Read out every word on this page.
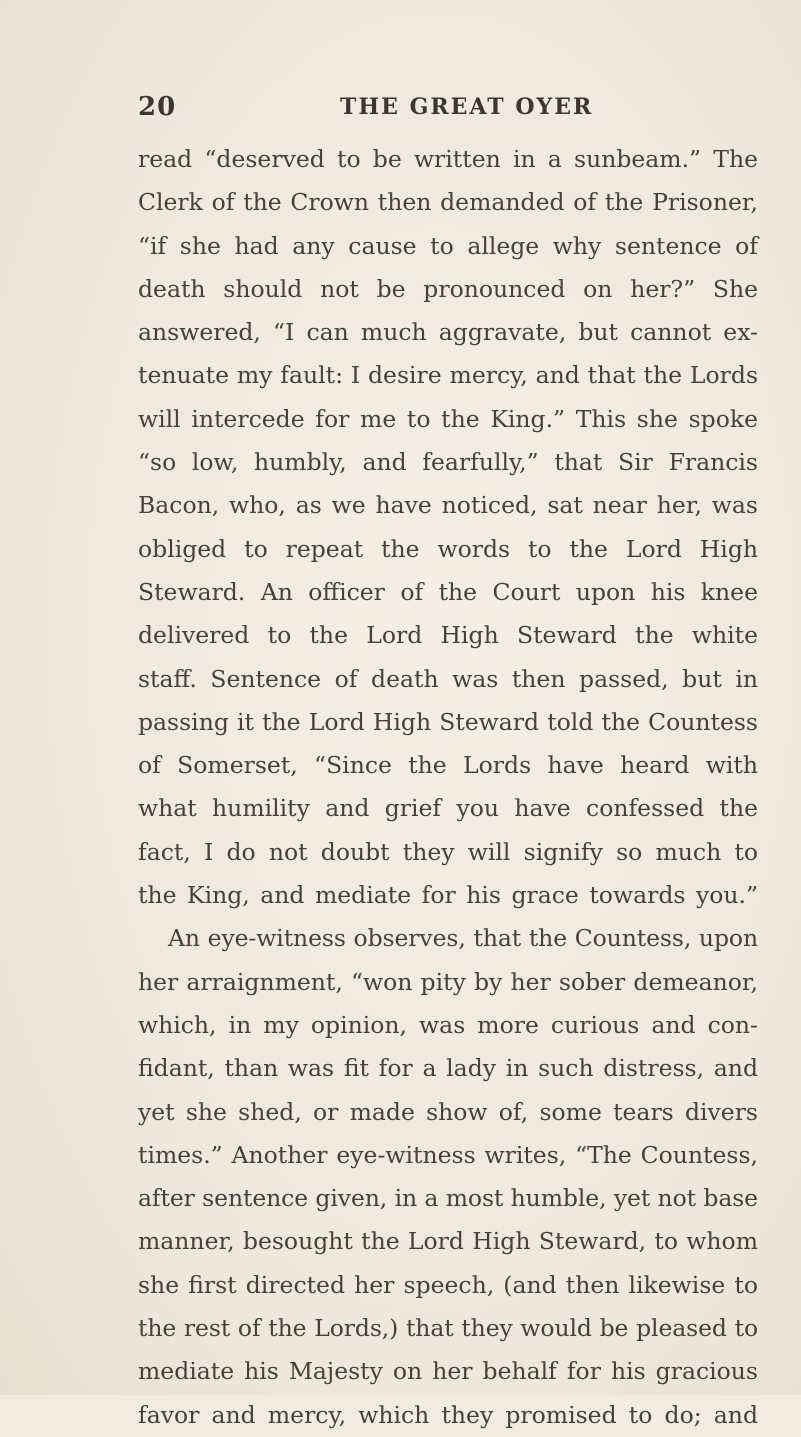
20	THE GREAT OYER
read “deserved to be written in a sunbeam.” The
Clerk of the Crown then demanded of the Prisoner,
“if she had any cause to allege why sentence of
death should not be pronounced on her?” She
answered, “I can much aggravate, but cannot ex-
tenuate my fault: I desire mercy, and that the Lords
will intercede for me to the King.” This she spoke
“so low, humbly, and fearfully,” that Sir Francis
Bacon, who, as we have noticed, sat near her, was
obliged to repeat the words to the Lord High
Steward. An officer of the Court upon his knee
delivered to the Lord High Steward the white
staff. Sentence of death was then passed, but in
passing it the Lord High Steward told the Countess
of Somerset, “Since the Lords have heard with
what humility and grief you have confessed the
fact, I do not doubt they will signify so much to
the King, and mediate for his grace towards you.”
An eye-witness observes, that the Countess, upon
her arraignment, “won pity by her sober demeanor,
which, in my opinion, was more curious and con-
fidant, than was fit for a lady in such distress, and
yet she shed, or made show of, some tears divers
times.” Another eye-witness writes, “The Countess,
after sentence given, in a most humble, yet not base
manner, besought the Lord High Steward, to whom
she first directed her speech, (and then likewise to
the rest of the Lords,) that they would be pleased to
mediate his Majesty on her behalf for his gracious
favor and mercy, which they promised to do; and
